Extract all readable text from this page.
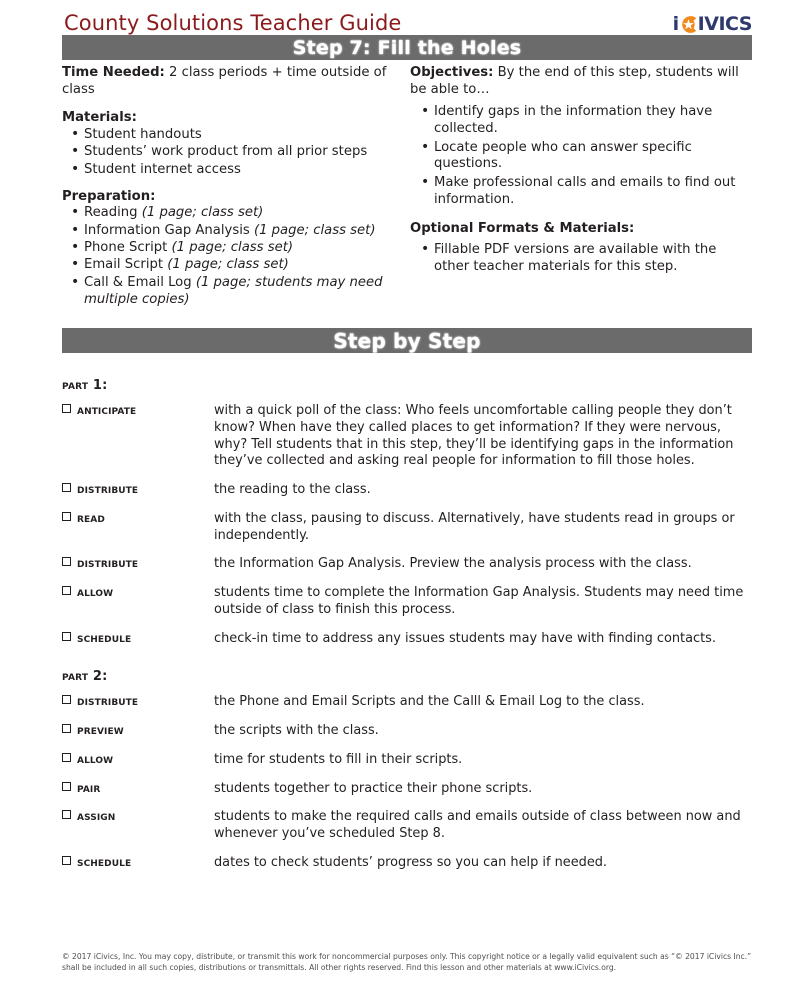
County Solutions Teacher Guide	i IVICS
Step 7: Fill the Holes
Time Needed: 2 class periods + time outside of class
Materials:
• Student handouts
• Students’ work product from all prior steps
• Student internet access
Preparation:
• Reading (1 page; class set)
• Information Gap Analysis (1 page; class set)
• Phone Script (1 page; class set)
• Email Script (1 page; class set)
• Call & Email Log (1 page; students may need multiple copies)
Objectives: By the end of this step, students will be able to…
• Identify gaps in the information they have collected.
• Locate people who can answer specific questions.
• Make professional calls and emails to find out information.
Optional Formats & Materials:
• Fillable PDF versions are available with the other teacher materials for this step.
Step by Step
part 1:
anticipate	with a quick poll of the class: Who feels uncomfortable calling people they don’t know? When have they called places to get information? If they were nervous, why? Tell students that in this step, they’ll be identifying gaps in the information they’ve collected and asking real people for information to fill those holes.
distribute	the reading to the class.
read	with the class, pausing to discuss. Alternatively, have students read in groups or independently.
distribute	the Information Gap Analysis. Preview the analysis process with the class.
allow	students time to complete the Information Gap Analysis. Students may need time outside of class to finish this process.
schedule	check-in time to address any issues students may have with finding contacts.
part 2:
distribute	the Phone and Email Scripts and the Calll & Email Log to the class.
preview	the scripts with the class.
allow	time for students to fill in their scripts.
pair	students together to practice their phone scripts.
assign	students to make the required calls and emails outside of class between now and whenever you’ve scheduled Step 8.
schedule	dates to check students’ progress so you can help if needed.
© 2017 iCivics, Inc. You may copy, distribute, or transmit this work for noncommercial purposes only. This copyright notice or a legally valid equivalent such as “© 2017 iCivics Inc.” shall be included in all such copies, distributions or transmittals. All other rights reserved. Find this lesson and other materials at www.iCivics.org.
